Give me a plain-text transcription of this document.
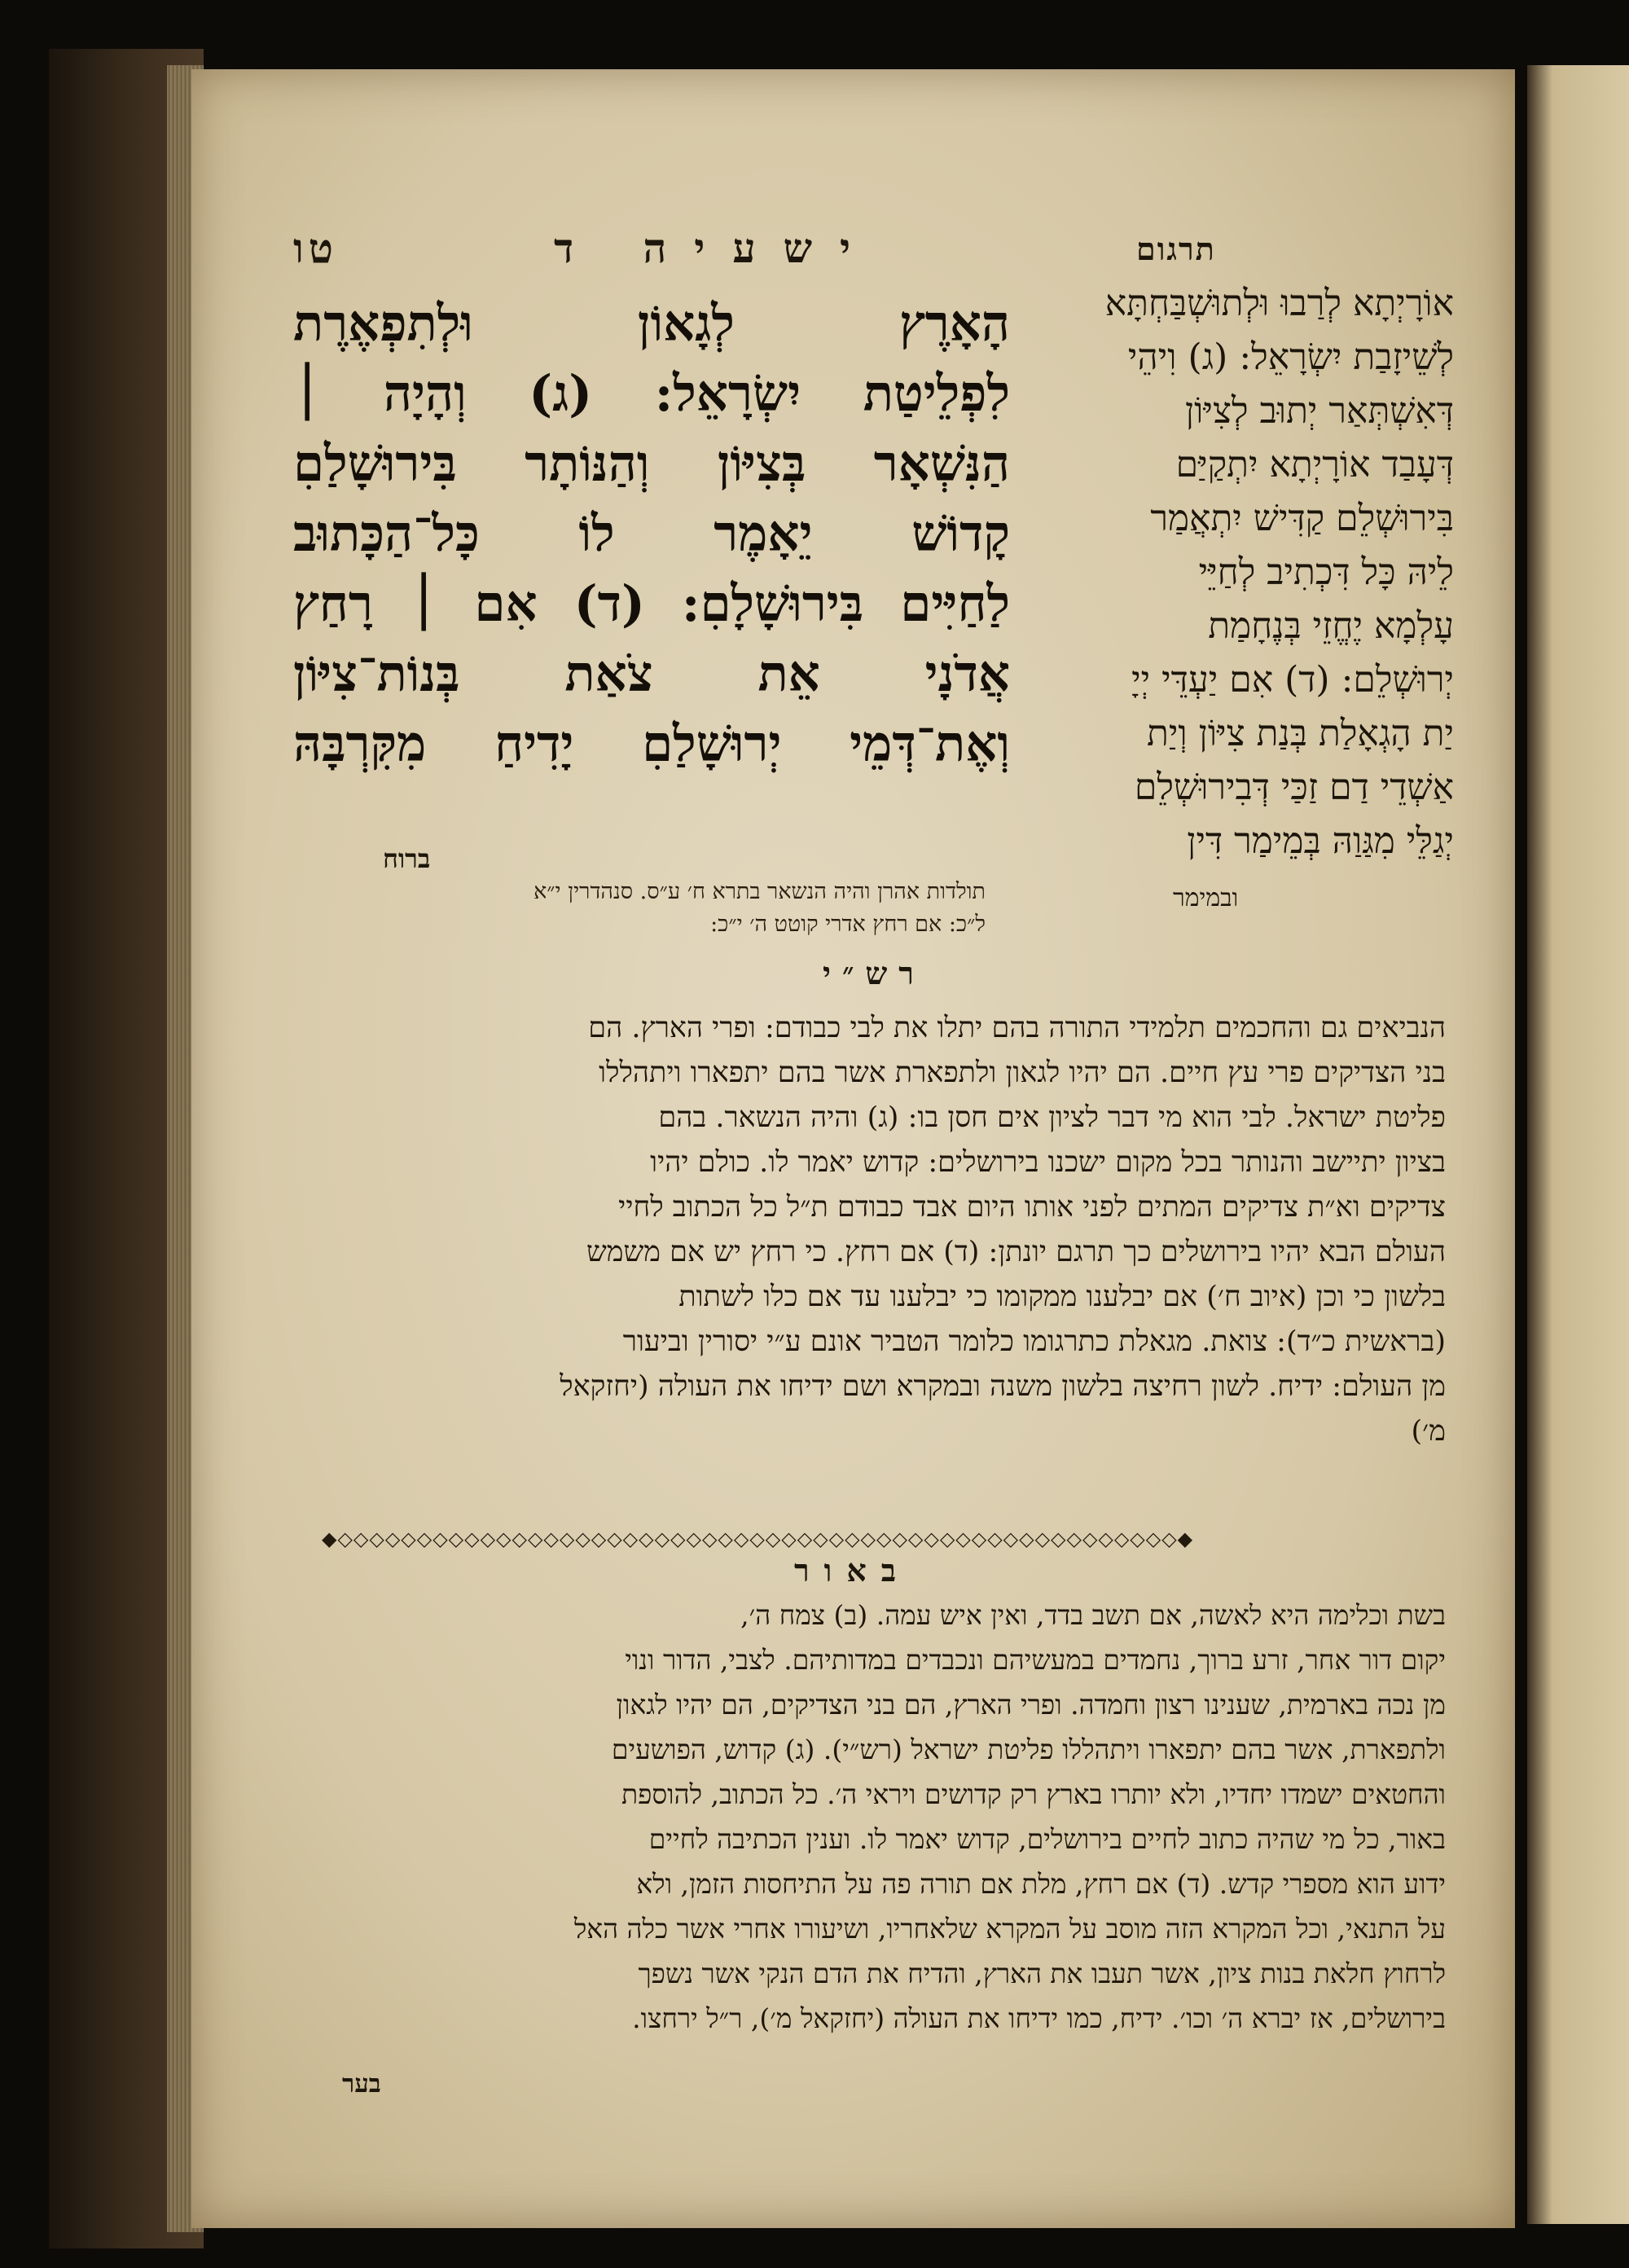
טו	ישעיה ד	תרגום
הָאָרֶץ לְגָאוֹן וּלְתִפְאֶרֶת
לִפְלֵיטַת יִשְׂרָאֵל: (ג) וְהָיָה ׀
הַנִּשְׁאָר בְּצִיּוֹן וְהַנּוֹתָר בִּירוּשָׁלַםִ
קָדוֹשׁ יֵאָמֶר לוֹ כָּל־הַכָּתוּב
לַחַיִּים בִּירוּשָׁלָםִ: (ד) אִם ׀ רָחַץ
אֲדֹנָי אֵת צֹאַת בְּנוֹת־צִיּוֹן
וְאֶת־דְּמֵי יְרוּשָׁלַםִ יָדִיחַ מִקִּרְבָּהּ
ברוח
תולדות אהרן והיה הנשאר בתרא ח׳ ע״ס. סנהדרין י״א
ל״כ: אם רחץ אדרי קוטט ה׳ י״כ:
אוֹרָיְתָא לְרַבוּ וּלְתוּשְׁבַּחְתָּא
לְשֵׁיזָבַת יִשְׂרָאֵל: (ג) וִיהֵי
דְּאִשְׁתְּאַר יְתוּב לְצִיּוֹן
דְּעָבַד אוֹרָיְתָא יִתְקַיַּם
בִּירוּשְׁלֵם קַדִּישׁ יִתְאֲמַר
לֵיהּ כָּל דִּכְתִיב לְחַיֵּי
עָלְמָא יֶחֱזֵי בְּנֶחָמַת
יְרוּשְׁלֵם: (ד) אִם יַעְדֵּי יְיָ
יַת הָגְאָלַת בְּנַת צִיּוֹן וְיַת
אַשְׁדֵי דַם זַכַּי דְּבִירוּשְׁלֵם
יְגַלֵּי מִגַּוַהּ בְּמֵימַר דִּין
ובמימר
רש״י
הנביאים גם והחכמים תלמידי התורה בהם יתלו את לבי כבודם: ופרי הארץ. הם
בני הצדיקים פרי עץ חיים. הם יהיו לגאון ולתפארת אשר בהם יתפארו ויתהללו
פליטת ישראל. לבי הוא מי דבר לציון אים חסן בו: (ג) והיה הנשאר. בהם
בציון יתיישב והנותר בכל מקום ישכנו בירושלים: קדוש יאמר לו. כולם יהיו
צדיקים וא״ת צדיקים המתים לפני אותו היום אבד כבודם ת״ל כל הכתוב לחיי
העולם הבא יהיו בירושלים כך תרגם יונתן: (ד) אם רחץ. כי רחץ יש אם משמש
בלשון כי וכן (איוב ח׳) אם יבלענו ממקומו כי יבלענו עד אם כלו לשתות
(בראשית כ״ד): צואת. מגאלת כתרגומו כלומר הטביר אונם ע״י יסורין וביעור
מן העולם: ידיח. לשון רחיצה בלשון משנה ובמקרא ושם ידיחו את העולה (יחזקאל
מ׳)
◆◇◇◇◇◇◇◇◇◇◇◇◇◇◇◇◇◇◇◇◇◇◇◇◇◇◇◇◇◇◇◇◇◇◇◇◇◇◇◇◇◇◇◇◇◇◇◇◇◇◇◇◇◇◆
באור
בשת וכלימה היא לאשה, אם תשב בדד, ואין איש עמה. (ב) צמח ה׳,
יקום דור אחר, זרע ברוך, נחמדים במעשיהם ונכבדים במדותיהם. לצבי, הדור ונוי
מן נכה בארמית, שענינו רצון וחמדה. ופרי הארץ, הם בני הצדיקים, הם יהיו לגאון
ולתפארת, אשר בהם יתפארו ויתהללו פליטת ישראל (רש״י). (ג) קדוש, הפושעים
והחטאים ישמדו יחדיו, ולא יותרו בארץ רק קדושים ויראי ה׳. כל הכתוב, להוספת
באור, כל מי שהיה כתוב לחיים בירושלים, קדוש יאמר לו. וענין הכתיבה לחיים
ידוע הוא מספרי קדש. (ד) אם רחץ, מלת אם תורה פה על התיחסות הזמן, ולא
על התנאי, וכל המקרא הזה מוסב על המקרא שלאחריו, ושיעורו אחרי אשר כלה האל
לרחוץ חלאת בנות ציון, אשר תעבו את הארץ, והדיח את הדם הנקי אשר נשפך
בירושלים, אז יברא ה׳ וכו׳. ידיח, כמו ידיחו את העולה (יחזקאל מ׳), ר״ל ירחצו.
בער
